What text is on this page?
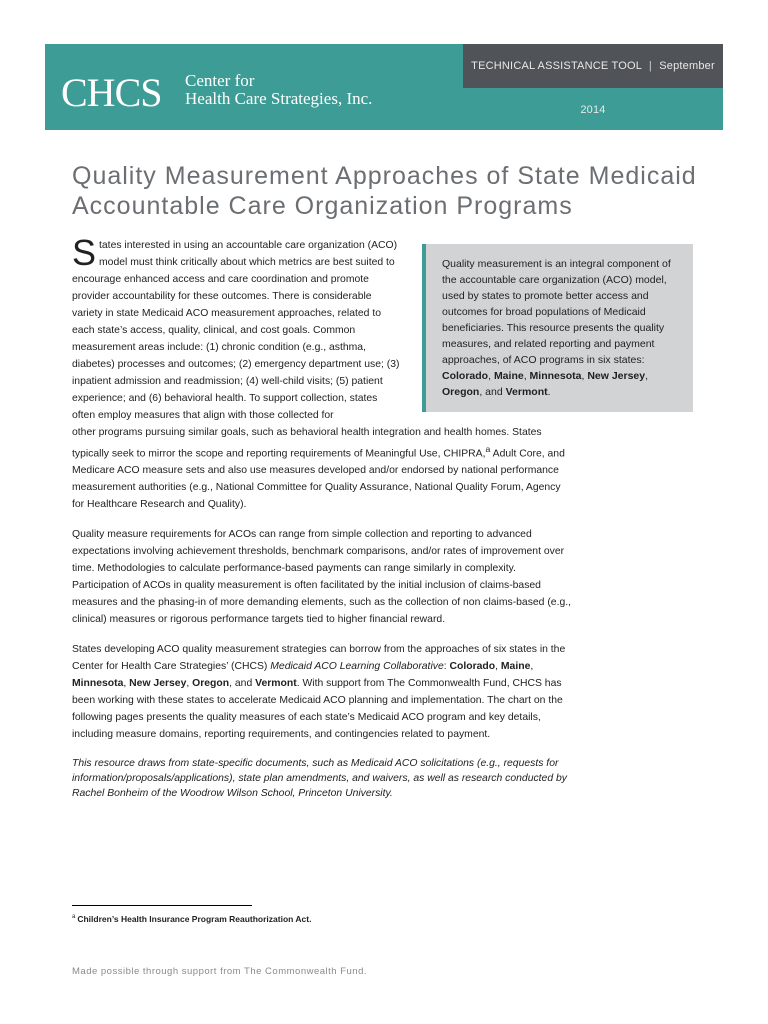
TECHNICAL ASSISTANCE TOOL | September 2014
CHCS Center for
Health Care Strategies, Inc.
Quality Measurement Approaches of State Medicaid
Accountable Care Organization Programs

States interested in using an accountable care organization (ACO) model must think critically about which metrics are best suited to encourage enhanced access and care coordination and promote provider accountability for these outcomes. There is considerable variety in state Medicaid ACO measurement approaches, related to each state’s access, quality, clinical, and cost goals. Common measurement areas include: (1) chronic condition (e.g., asthma, diabetes) processes and outcomes; (2) emergency department use; (3) inpatient admission and readmission; (4) well-child visits; (5) patient experience; and (6) behavioral health. To support collection, states often employ measures that align with those collected for
other programs pursuing similar goals, such as behavioral health integration and health homes. States typically seek to mirror the scope and reporting requirements of Meaningful Use, CHIPRA,$^a$ Adult Core, and Medicare ACO measure sets and also use measures developed and/or endorsed by national performance measurement authorities (e.g., National Committee for Quality Assurance, National Quality Forum, Agency for Healthcare Research and Quality).

Quality measure requirements for ACOs can range from simple collection and reporting to advanced expectations involving achievement thresholds, benchmark comparisons, and/or rates of improvement over time. Methodologies to calculate performance-based payments can range similarly in complexity. Participation of ACOs in quality measurement is often facilitated by the initial inclusion of claims-based measures and the phasing-in of more demanding elements, such as the collection of non claims-based (e.g., clinical) measures or rigorous performance targets tied to higher financial reward.

States developing ACO quality measurement strategies can borrow from the approaches of six states in the Center for Health Care Strategies’ (CHCS) Medicaid ACO Learning Collaborative: Colorado, Maine, Minnesota, New Jersey, Oregon, and Vermont. With support from The Commonwealth Fund, CHCS has been working with these states to accelerate Medicaid ACO planning and implementation. The chart on the following pages presents the quality measures of each state’s Medicaid ACO program and key details, including measure domains, reporting requirements, and contingencies related to payment.

This resource draws from state-specific documents, such as Medicaid ACO solicitations (e.g., requests for information/proposals/applications), state plan amendments, and waivers, as well as research conducted by Rachel Bonheim of the Woodrow Wilson School, Princeton University.

Quality measurement is an integral component of the accountable care organization (ACO) model, used by states to promote better access and outcomes for broad populations of Medicaid beneficiaries. This resource presents the quality measures, and related reporting and payment approaches, of ACO programs in six states: Colorado, Maine, Minnesota, New Jersey, Oregon, and Vermont.

$^a$ Children’s Health Insurance Program Reauthorization Act.
Made possible through support from The Commonwealth Fund.
